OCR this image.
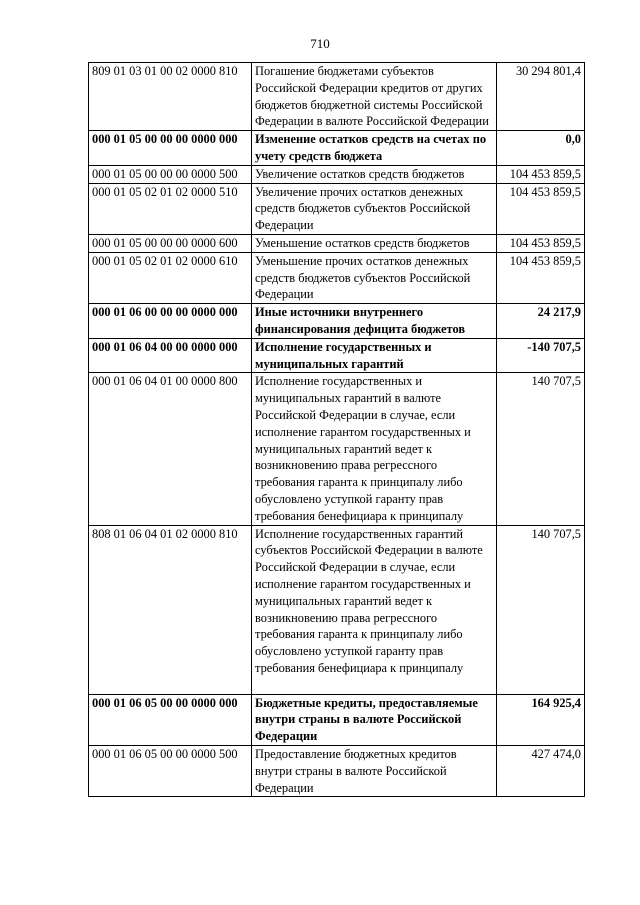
710
809 01 03 01 00 02 0000 810	Погашение бюджетами субъектов Российской Федерации кредитов от других бюджетов бюджетной системы Российской Федерации в валюте Российской Федерации	30 294 801,4
000 01 05 00 00 00 0000 000	Изменение остатков средств на счетах по учету средств бюджета	0,0
000 01 05 00 00 00 0000 500	Увеличение остатков средств бюджетов	104 453 859,5
000 01 05 02 01 02 0000 510	Увеличение прочих остатков денежных средств бюджетов субъектов Российской Федерации	104 453 859,5
000 01 05 00 00 00 0000 600	Уменьшение остатков средств бюджетов	104 453 859,5
000 01 05 02 01 02 0000 610	Уменьшение прочих остатков денежных средств бюджетов субъектов Российской Федерации	104 453 859,5
000 01 06 00 00 00 0000 000	Иные источники внутреннего финансирования дефицита бюджетов	24 217,9
000 01 06 04 00 00 0000 000	Исполнение государственных и муниципальных гарантий	-140 707,5
000 01 06 04 01 00 0000 800	Исполнение государственных и муниципальных гарантий в валюте Российской Федерации в случае, если исполнение гарантом государственных и муниципальных гарантий ведет к возникновению права регрессного требования гаранта к принципалу либо обусловлено уступкой гаранту прав требования бенефициара к принципалу	140 707,5
808 01 06 04 01 02 0000 810	Исполнение государственных гарантий субъектов Российской Федерации в валюте Российской Федерации в случае, если исполнение гарантом государственных и муниципальных гарантий ведет к возникновению права регрессного требования гаранта к принципалу либо обусловлено уступкой гаранту прав требования бенефициара к принципалу	140 707,5
000 01 06 05 00 00 0000 000	Бюджетные кредиты, предоставляемые внутри страны в валюте Российской Федерации	164 925,4
000 01 06 05 00 00 0000 500	Предоставление бюджетных кредитов внутри страны в валюте Российской Федерации	427 474,0
